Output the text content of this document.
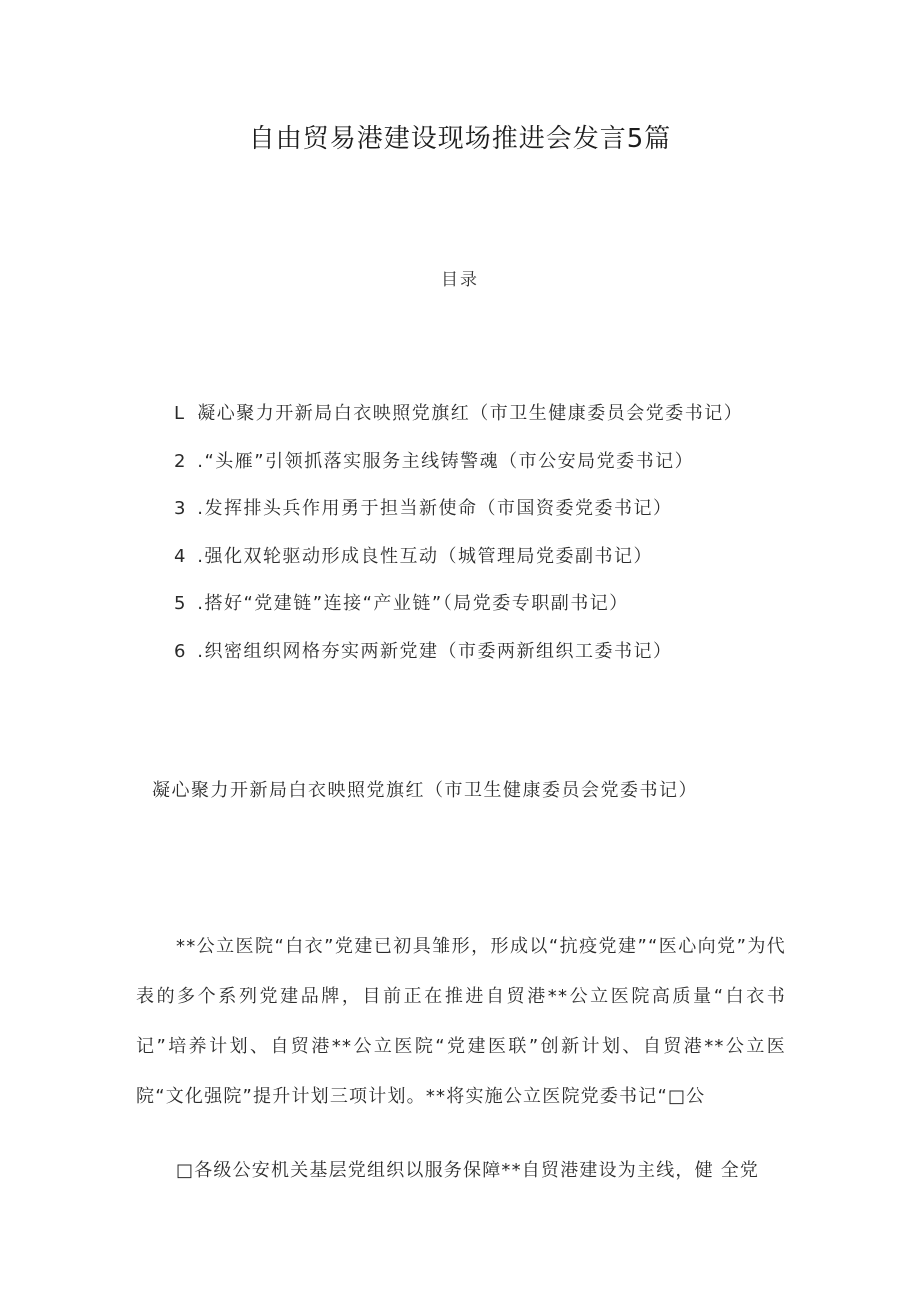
自由贸易港建设现场推进会发言5篇
目录
L 凝心聚力开新局白衣映照党旗红（市卫生健康委员会党委书记）
2 .“头雁”引领抓落实服务主线铸警魂（市公安局党委书记）
3 .发挥排头兵作用勇于担当新使命（市国资委党委书记）
4 .强化双轮驱动形成良性互动（城管理局党委副书记）
5 .搭好“党建链”连接“产业链”（局党委专职副书记）
6 .织密组织网格夯实两新党建（市委两新组织工委书记）
凝心聚力开新局白衣映照党旗红（市卫生健康委员会党委书记）

**公立医院“白衣”党建已初具雏形，形成以“抗疫党建”“医心向党”为代表的多个系列党建品牌，目前正在推进自贸港**公立医院高质量“白衣书记”培养计划、自贸港**公立医院“党建医联”创新计划、自贸港**公立医院“文化强院”提升计划三项计划。**将实施公立医院党委书记“□公

□各级公安机关基层党组织以服务保障**自贸港建设为主线，健 全党
